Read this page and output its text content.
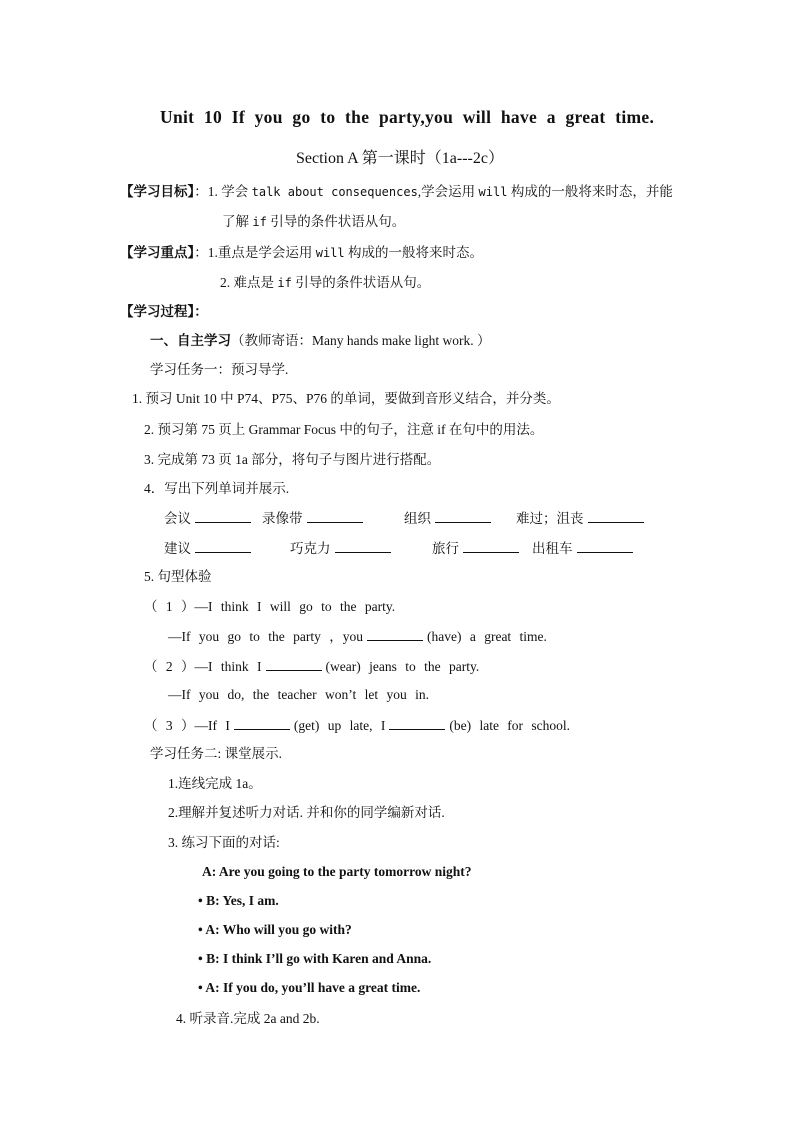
Unit 10 If you go to the party,you will have a great time.
Section A 第一课时（1a---2c）
【学习目标】：1. 学会 talk about consequences,学会运用 will 构成的一般将来时态，并能
了解 if 引导的条件状语从句。
【学习重点】：1.重点是学会运用 will 构成的一般将来时态。
2. 难点是 if 引导的条件状语从句。
【学习过程】：
一、自主学习（教师寄语：Many hands make light work. ）
学习任务一：预习导学.
1. 预习 Unit 10 中 P74、P75、P76 的单词，要做到音形义结合，并分类。
2. 预习第 75 页上 Grammar Focus 中的句子，注意 if 在句中的用法。
3. 完成第 73 页 1a 部分，将句子与图片进行搭配。
4．写出下列单词并展示.
会议	录像带	组织	难过；沮丧
建议	巧克力	旅行	出租车
5. 句型体验
（ 1 ）—I think I will go to the party.
—If you go to the party ，you	(have) a great time.
（ 2 ）—I think I	(wear) jeans to the party.
—If you do, the teacher won’t let you in.
（ 3 ）—If I	(get) up late, I	(be) late for school.
学习任务二: 课堂展示.
1.连线完成 1a。
2.理解并复述听力对话. 并和你的同学编新对话.
3. 练习下面的对话:
A: Are you going to the party tomorrow night?
• B: Yes, I am.
• A: Who will you go with?
• B: I think I’ll go with Karen and Anna.
• A: If you do, you’ll have a great time.
4. 听录音.完成 2a and 2b.
